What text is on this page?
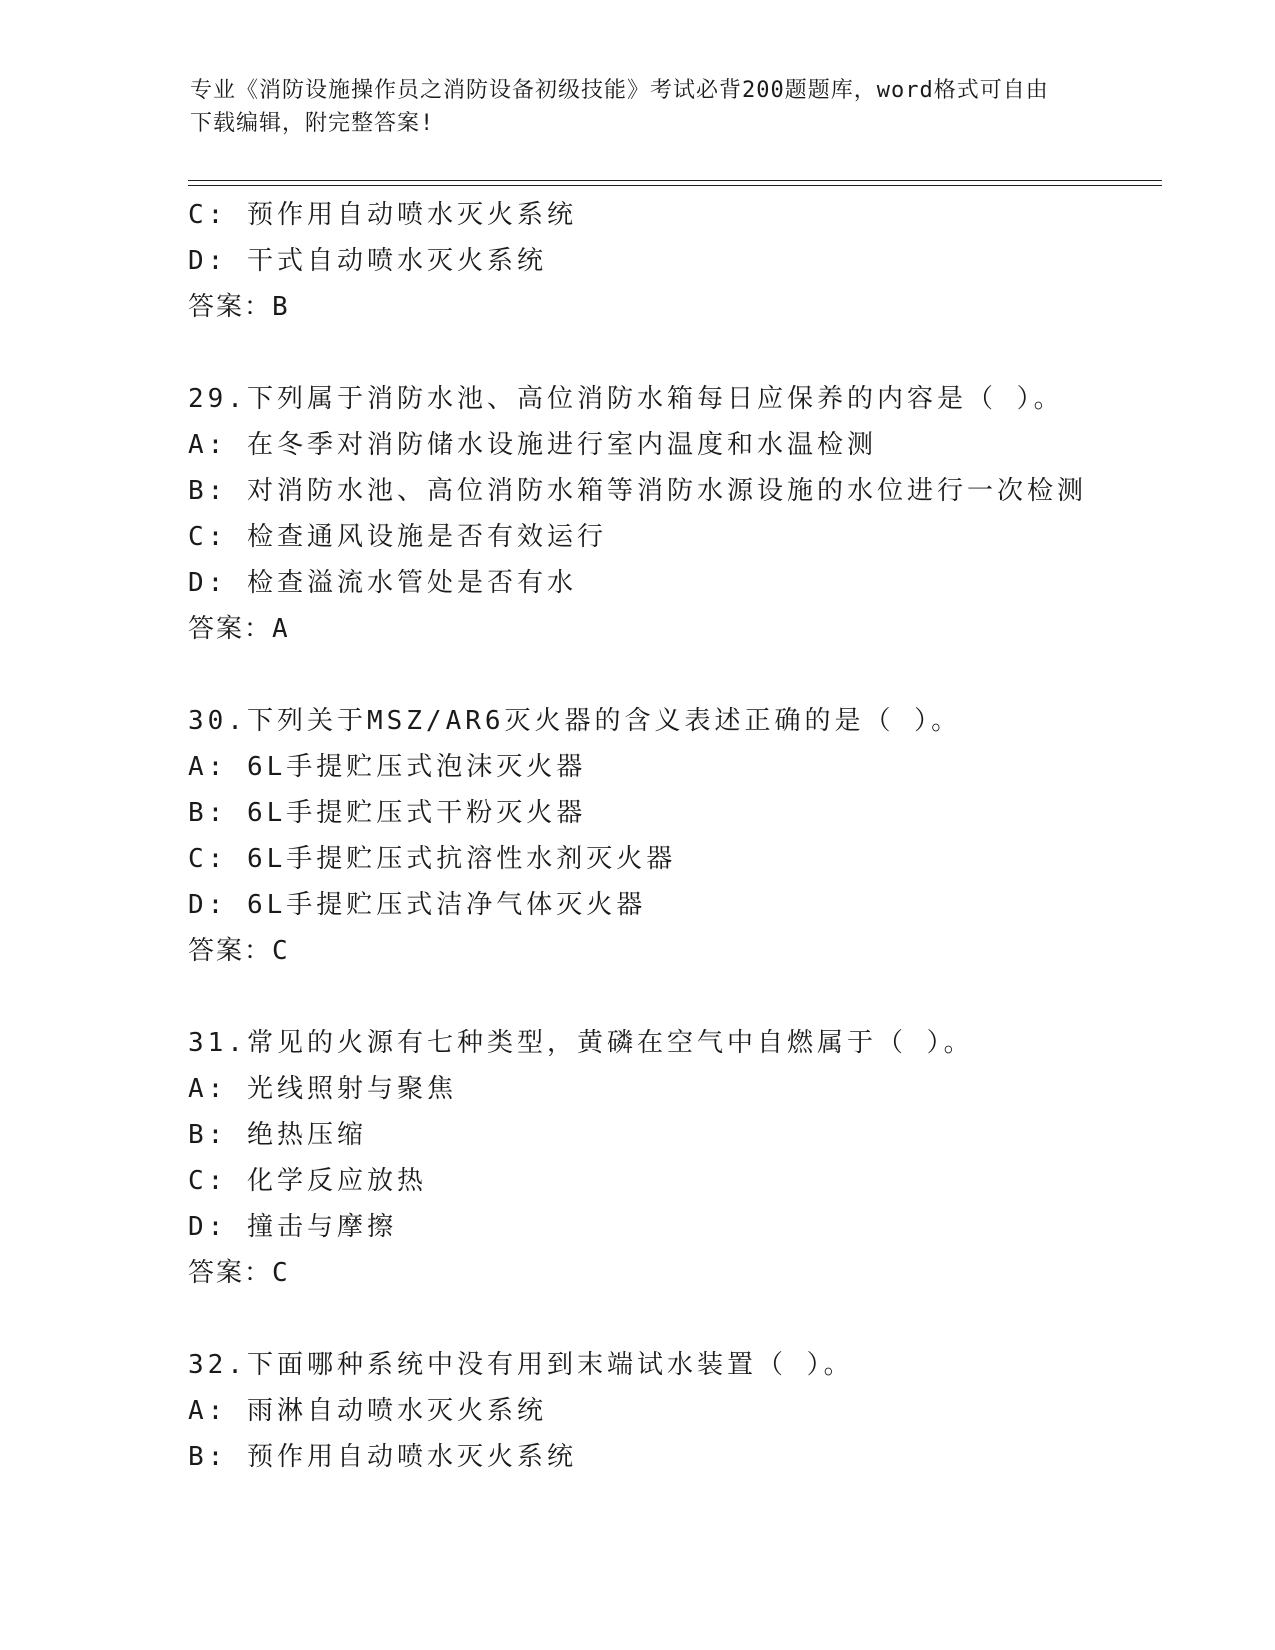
专业《消防设施操作员之消防设备初级技能》考试必背200题题库，word格式可自由下载编辑，附完整答案!
C: 预作用自动喷水灭火系统
D: 干式自动喷水灭火系统
答案：B
29.下列属于消防水池、高位消防水箱每日应保养的内容是（ ）。
A: 在冬季对消防储水设施进行室内温度和水温检测
B: 对消防水池、高位消防水箱等消防水源设施的水位进行一次检测
C: 检查通风设施是否有效运行
D: 检查溢流水管处是否有水
答案：A
30.下列关于MSZ/AR6灭火器的含义表述正确的是（ ）。
A: 6L手提贮压式泡沫灭火器
B: 6L手提贮压式干粉灭火器
C: 6L手提贮压式抗溶性水剂灭火器
D: 6L手提贮压式洁净气体灭火器
答案：C
31.常见的火源有七种类型，黄磷在空气中自燃属于（ ）。
A: 光线照射与聚焦
B: 绝热压缩
C: 化学反应放热
D: 撞击与摩擦
答案：C
32.下面哪种系统中没有用到末端试水装置（ ）。
A: 雨淋自动喷水灭火系统
B: 预作用自动喷水灭火系统
